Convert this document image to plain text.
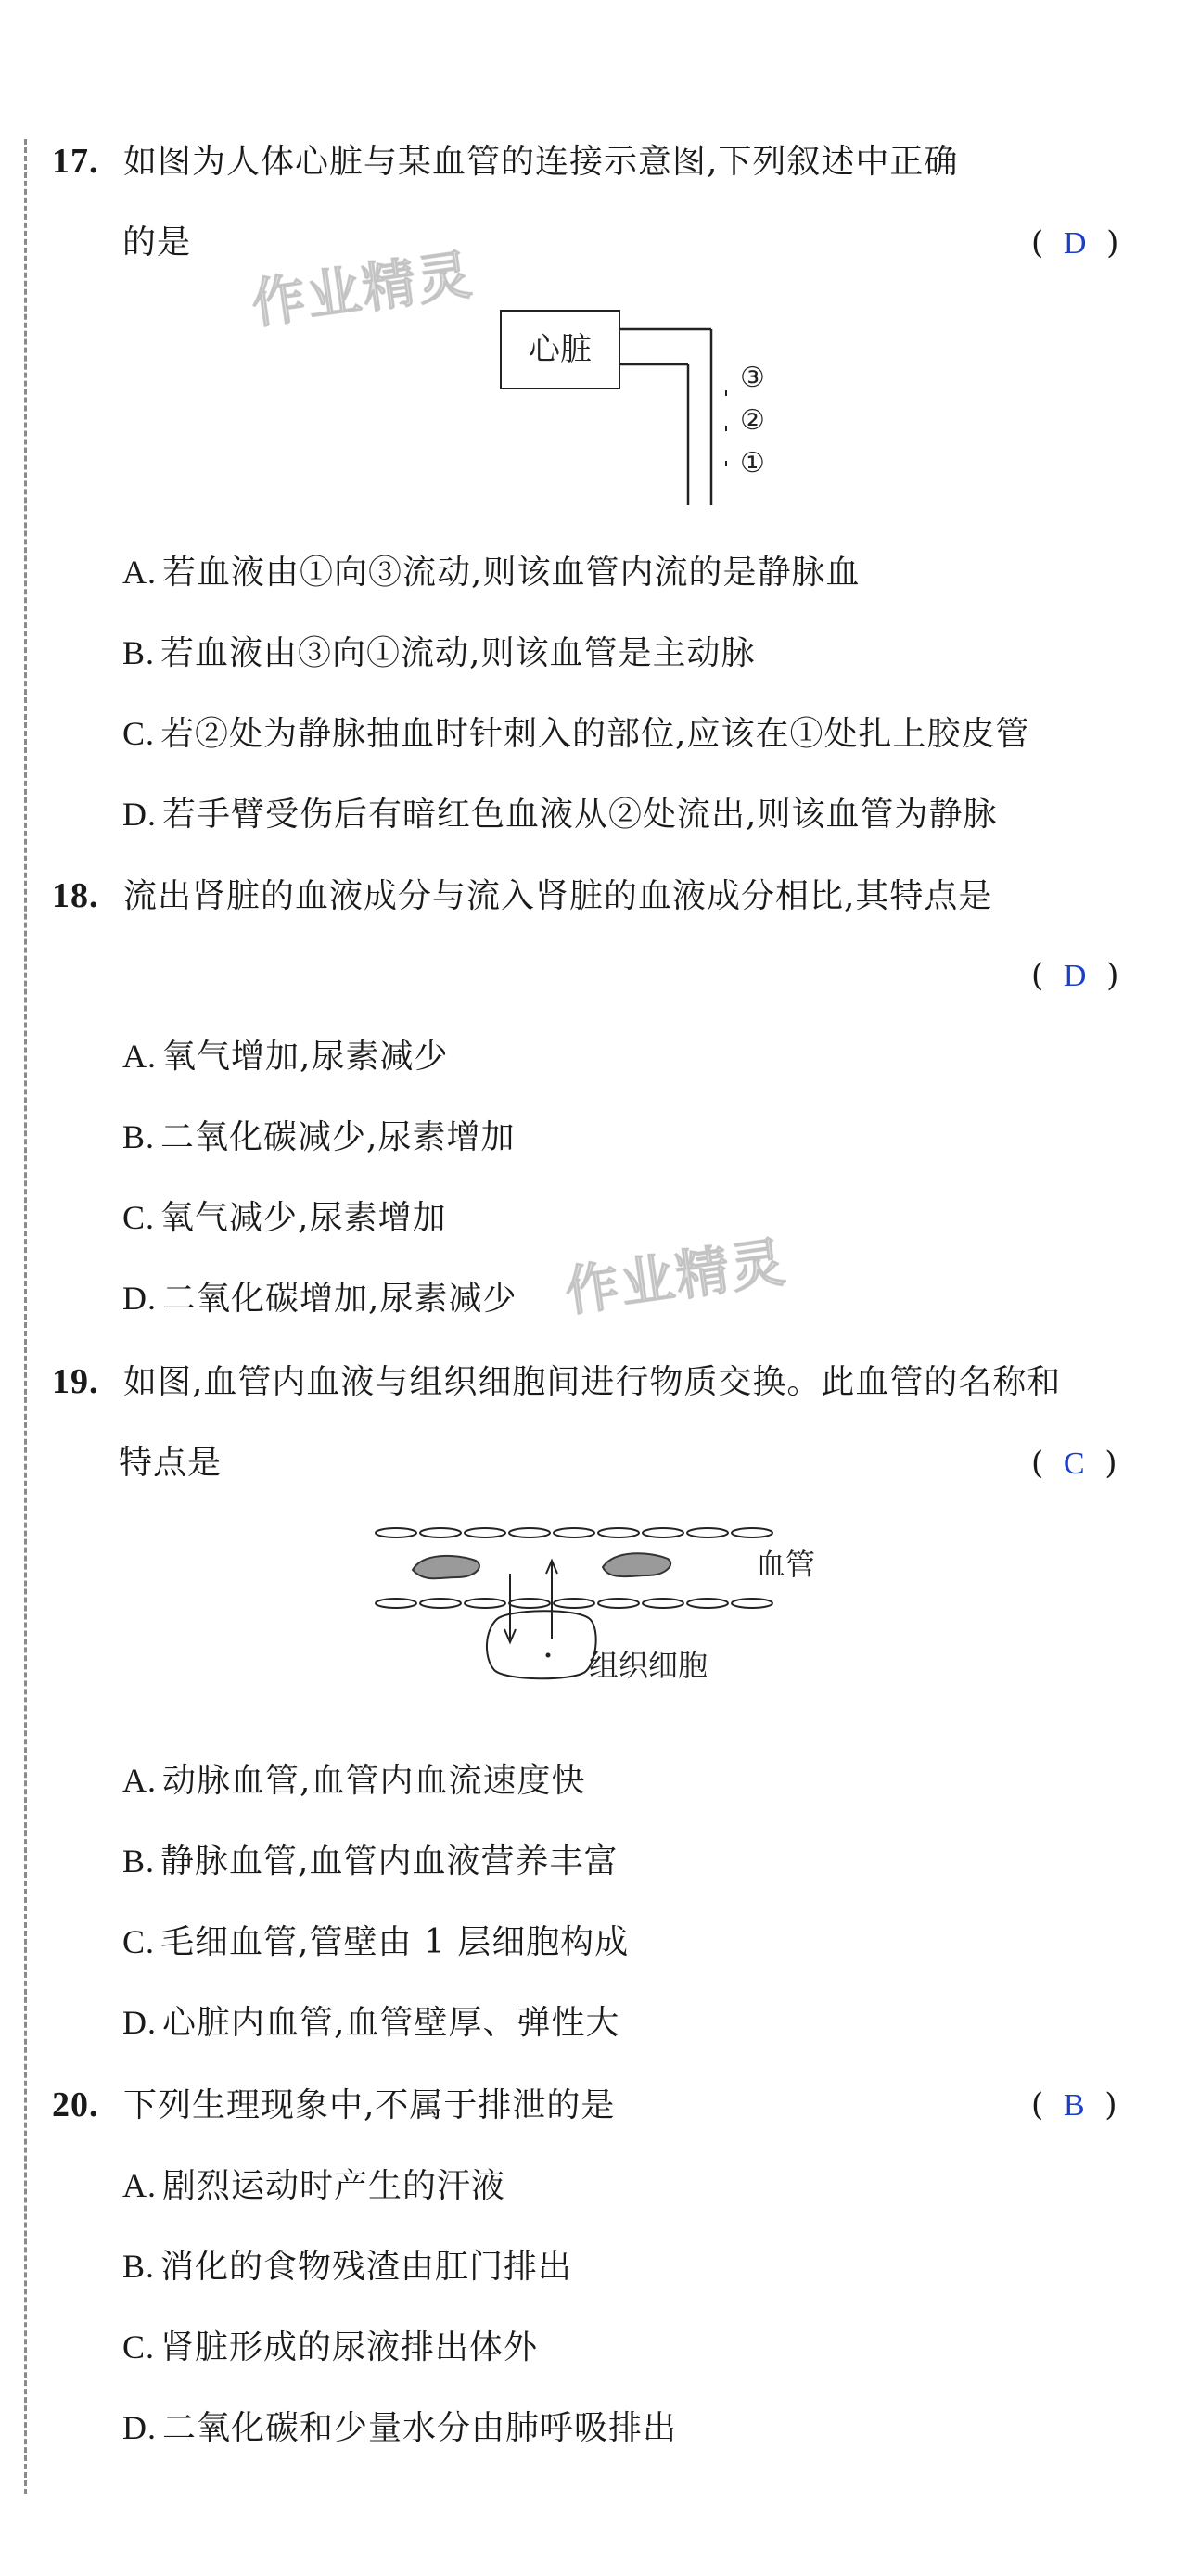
作业精灵
作业精灵
17. 如图为人体心脏与某血管的连接示意图,下列叙述中正确
的是	( D )
心脏
③
②
①
A. 若血液由①向③流动,则该血管内流的是静脉血
B. 若血液由③向①流动,则该血管是主动脉
C. 若②处为静脉抽血时针刺入的部位,应该在①处扎上胶皮管
D. 若手臂受伤后有暗红色血液从②处流出,则该血管为静脉
18. 流出肾脏的血液成分与流入肾脏的血液成分相比,其特点是
( D )
A. 氧气增加,尿素减少
B. 二氧化碳减少,尿素增加
C. 氧气减少,尿素增加
D. 二氧化碳增加,尿素减少
19. 如图,血管内血液与组织细胞间进行物质交换。此血管的名称和
特点是	( C )
血管
组织细胞
A. 动脉血管,血管内血流速度快
B. 静脉血管,血管内血液营养丰富
C. 毛细血管,管壁由 1 层细胞构成
D. 心脏内血管,血管壁厚、弹性大
20. 下列生理现象中,不属于排泄的是	( B )
A. 剧烈运动时产生的汗液
B. 消化的食物残渣由肛门排出
C. 肾脏形成的尿液排出体外
D. 二氧化碳和少量水分由肺呼吸排出
